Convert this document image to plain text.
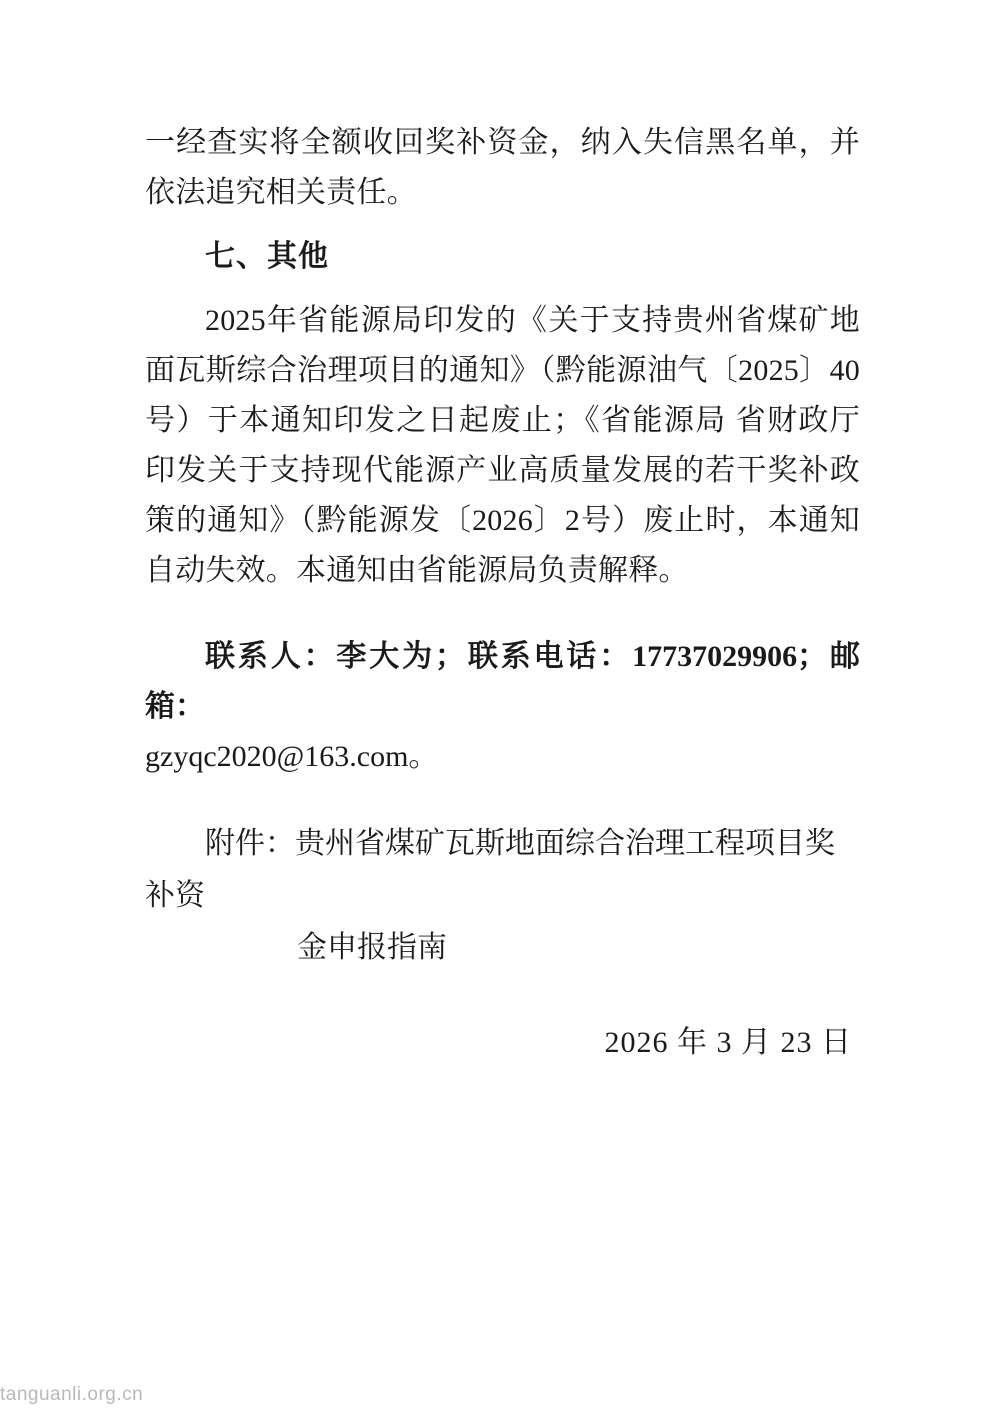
一经查实将全额收回奖补资金，纳入失信黑名单，并依法追究相关责任。

七、其他

2025年省能源局印发的《关于支持贵州省煤矿地面瓦斯综合治理项目的通知》（黔能源油气〔2025〕40号）于本通知印发之日起废止；《省能源局 省财政厅印发关于支持现代能源产业高质量发展的若干奖补政策的通知》（黔能源发〔2026〕2号）废止时，本通知自动失效。本通知由省能源局负责解释。

联系人：李大为；联系电话：17737029906；邮箱：

gzyqc2020@163.com。

附件：贵州省煤矿瓦斯地面综合治理工程项目奖补资

金申报指南

2026 年 3 月 23 日

tanguanli.org.cn
